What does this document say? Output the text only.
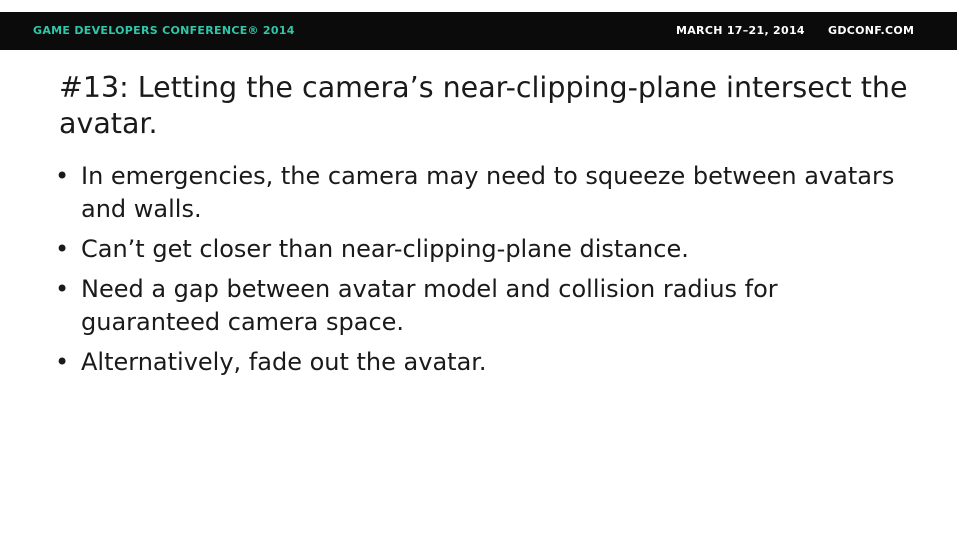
GAME DEVELOPERS CONFERENCE® 2014	MARCH 17–21, 2014 GDCONF.COM
#13: Letting the camera’s near-clipping-plane intersect the avatar.
• In emergencies, the camera may need to squeeze between avatars and walls.
• Can’t get closer than near-clipping-plane distance.
• Need a gap between avatar model and collision radius for guaranteed camera space.
• Alternatively, fade out the avatar.
